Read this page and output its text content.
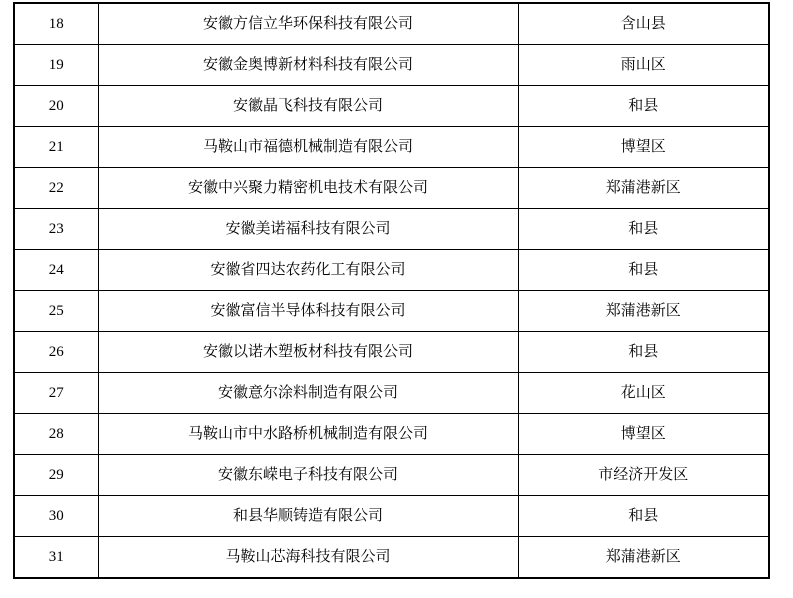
18	安徽方信立华环保科技有限公司	含山县
19	安徽金奥博新材料科技有限公司	雨山区
20	安徽晶飞科技有限公司	和县
21	马鞍山市福德机械制造有限公司	博望区
22	安徽中兴聚力精密机电技术有限公司	郑蒲港新区
23	安徽美诺福科技有限公司	和县
24	安徽省四达农药化工有限公司	和县
25	安徽富信半导体科技有限公司	郑蒲港新区
26	安徽以诺木塑板材科技有限公司	和县
27	安徽意尔涂料制造有限公司	花山区
28	马鞍山市中水路桥机械制造有限公司	博望区
29	安徽东嵘电子科技有限公司	市经济开发区
30	和县华顺铸造有限公司	和县
31	马鞍山芯海科技有限公司	郑蒲港新区
